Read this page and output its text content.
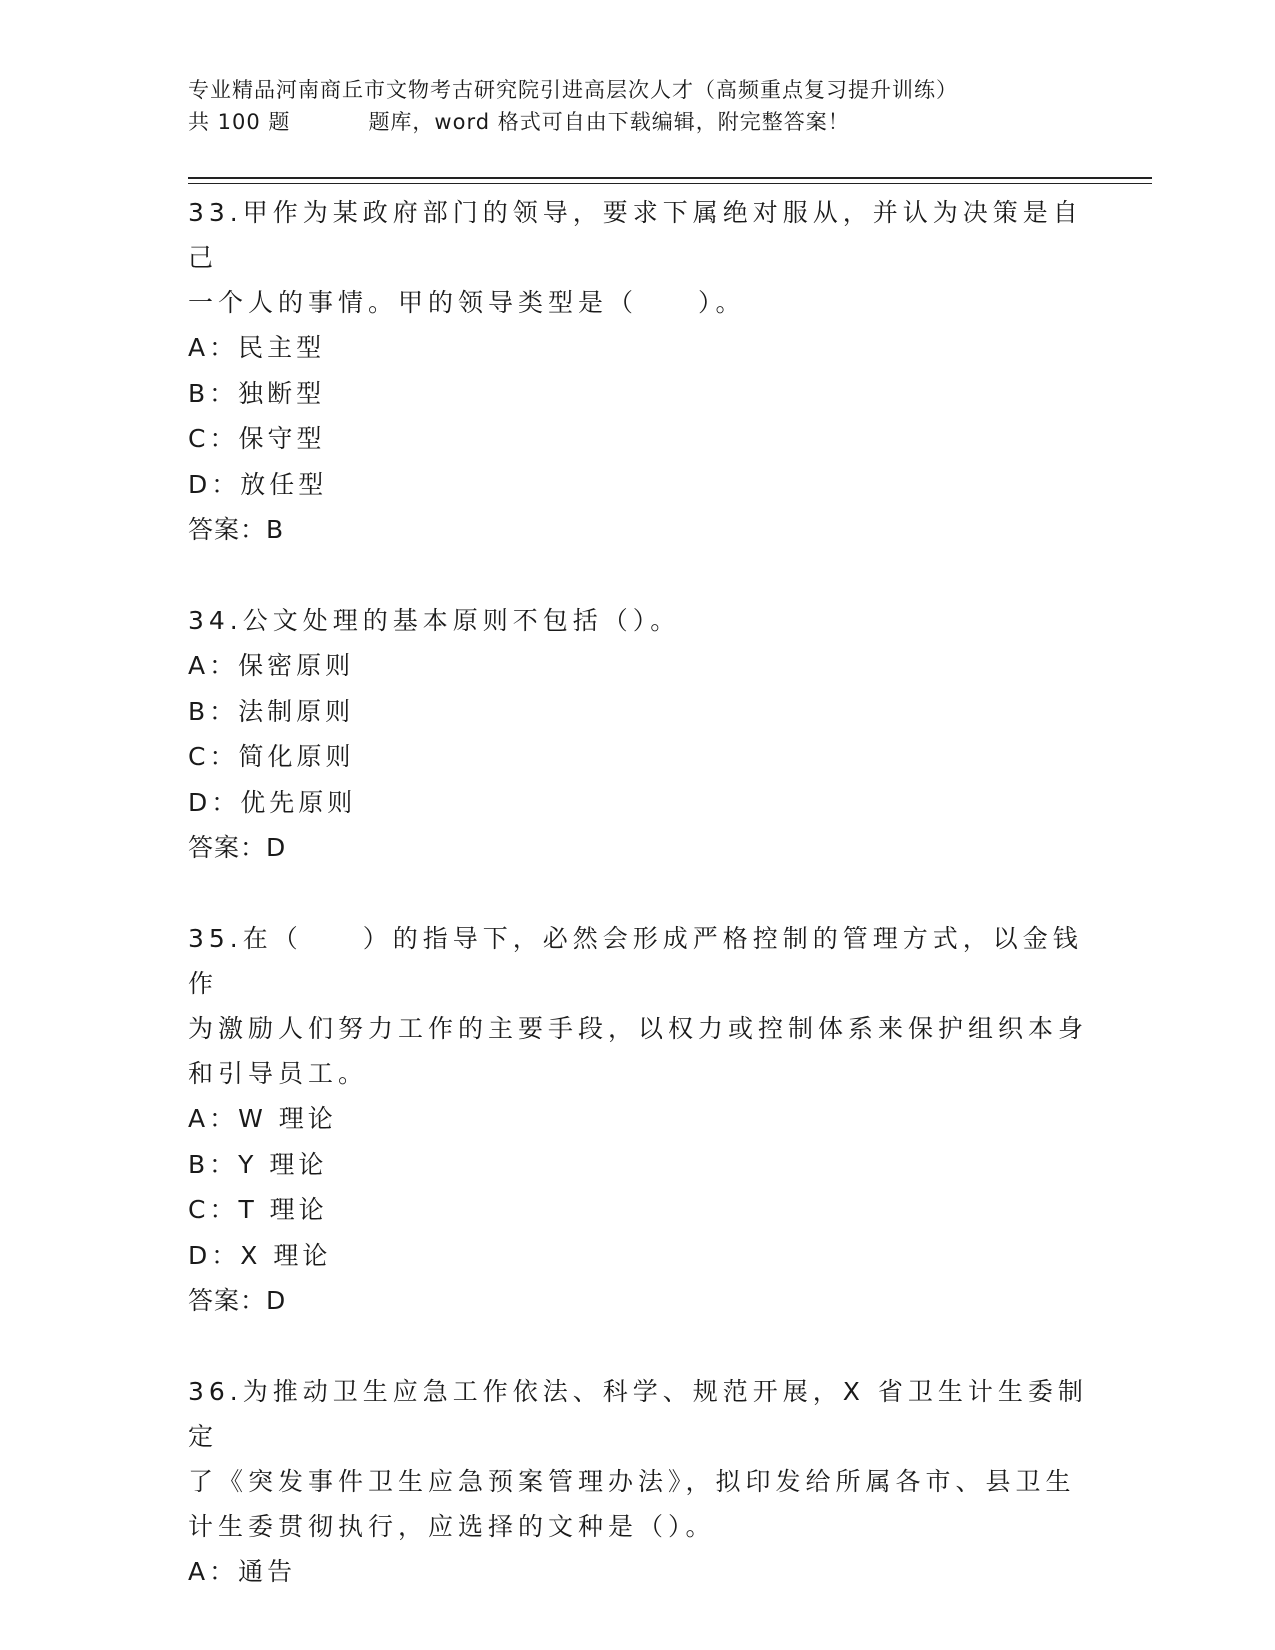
专业精品河南商丘市文物考古研究院引进高层次人才（高频重点复习提升训练）
共 100 题	题库，word 格式可自由下载编辑，附完整答案！

33.甲作为某政府部门的领导，要求下属绝对服从，并认为决策是自己

一个人的事情。甲的领导类型是（　　）。

A：民主型

B：独断型

C：保守型

D：放任型

答案：B

34.公文处理的基本原则不包括（）。

A：保密原则

B：法制原则

C：简化原则

D：优先原则

答案：D

35.在（　　）的指导下，必然会形成严格控制的管理方式，以金钱作

为激励人们努力工作的主要手段，以权力或控制体系来保护组织本身

和引导员工。

A：W 理论

B：Y 理论

C：T 理论

D：X 理论

答案：D

36.为推动卫生应急工作依法、科学、规范开展，X 省卫生计生委制定

了《突发事件卫生应急预案管理办法》，拟印发给所属各市、县卫生

计生委贯彻执行，应选择的文种是（）。

A：通告
